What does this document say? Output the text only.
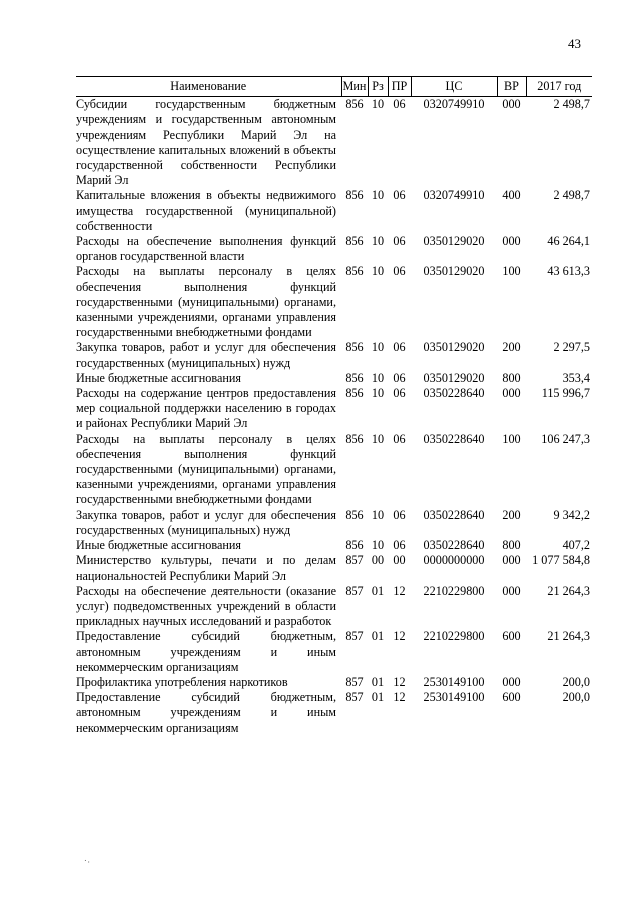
43
Наименование	Мин	Рз	ПР	ЦС	ВР	2017 год
Субсидии государственным бюджетным учреждениям и государственным автономным учреждениям Республики Марий Эл на осуществление капитальных вложений в объекты государственной собственности Республики Марий Эл	856	10	06	0320749910	000	2 498,7
Капитальные вложения в объекты недвижимого имущества государственной (муниципальной) собственности	856	10	06	0320749910	400	2 498,7
Расходы на обеспечение выполнения функций органов государственной власти	856	10	06	0350129020	000	46 264,1
Расходы на выплаты персоналу в целях обеспечения выполнения функций государственными (муниципальными) органами, казенными учреждениями, органами управления государственными внебюджетными фондами	856	10	06	0350129020	100	43 613,3
Закупка товаров, работ и услуг для обеспечения государственных (муниципальных) нужд	856	10	06	0350129020	200	2 297,5
Иные бюджетные ассигнования	856	10	06	0350129020	800	353,4
Расходы на содержание центров предоставления мер социальной поддержки населению в городах и районах Республики Марий Эл	856	10	06	0350228640	000	115 996,7
Расходы на выплаты персоналу в целях обеспечения выполнения функций государственными (муниципальными) органами, казенными учреждениями, органами управления государственными внебюджетными фондами	856	10	06	0350228640	100	106 247,3
Закупка товаров, работ и услуг для обеспечения государственных (муниципальных) нужд	856	10	06	0350228640	200	9 342,2
Иные бюджетные ассигнования	856	10	06	0350228640	800	407,2
Министерство культуры, печати и по делам национальностей Республики Марий Эл	857	00	00	0000000000	000	1 077 584,8
Расходы на обеспечение деятельности (оказание услуг) подведомственных учреждений в области прикладных научных исследований и разработок	857	01	12	2210229800	000	21 264,3
Предоставление субсидий бюджетным, автономным учреждениям и иным некоммерческим организациям	857	01	12	2210229800	600	21 264,3
Профилактика употребления наркотиков	857	01	12	2530149100	000	200,0
Предоставление субсидий бюджетным, автономным учреждениям и иным некоммерческим организациям	857	01	12	2530149100	600	200,0
·.
